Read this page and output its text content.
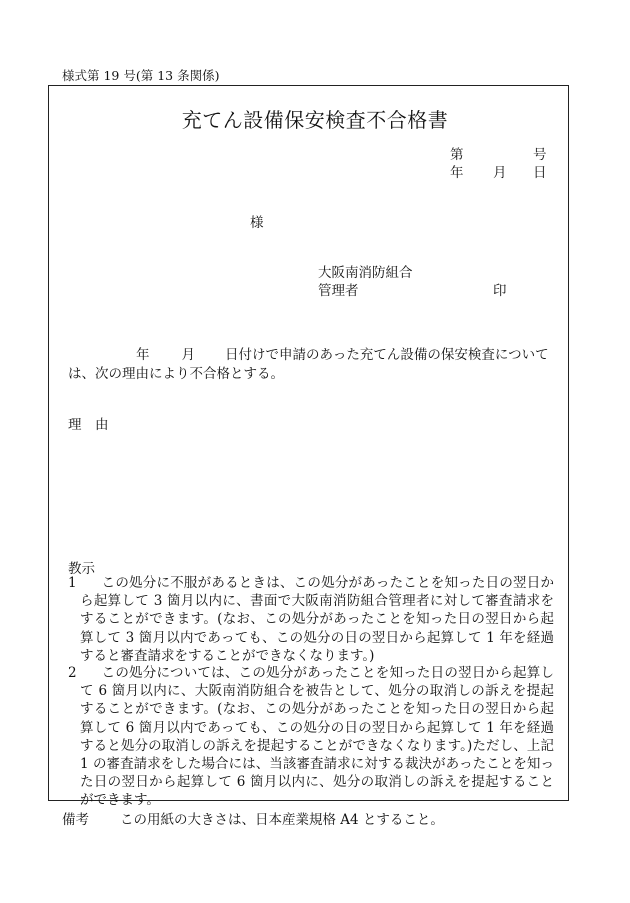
様式第 19 号(第 13 条関係)
充てん設備保安検査不合格書
第	号
年 月 日
様
大阪南消防組合
管理者	印
年 月 日付けで申請のあった充てん設備の保安検査については、次の理由により不合格とする。
理　由
教示
1	この処分に不服があるときは、この処分があったことを知った日の翌日から起算して 3 箇月以内に、書面で大阪南消防組合管理者に対して審査請求をすることができます。(なお、この処分があったことを知った日の翌日から起算して 3 箇月以内であっても、この処分の日の翌日から起算して 1 年を経過すると審査請求をすることができなくなります。)
2	この処分については、この処分があったことを知った日の翌日から起算して 6 箇月以内に、大阪南消防組合を被告として、処分の取消しの訴えを提起することができます。(なお、この処分があったことを知った日の翌日から起算して 6 箇月以内であっても、この処分の日の翌日から起算して 1 年を経過すると処分の取消しの訴えを提起することができなくなります。)ただし、上記 1 の審査請求をした場合には、当該審査請求に対する裁決があったことを知った日の翌日から起算して 6 箇月以内に、処分の取消しの訴えを提起することができます。
備考 この用紙の大きさは、日本産業規格 A4 とすること。
